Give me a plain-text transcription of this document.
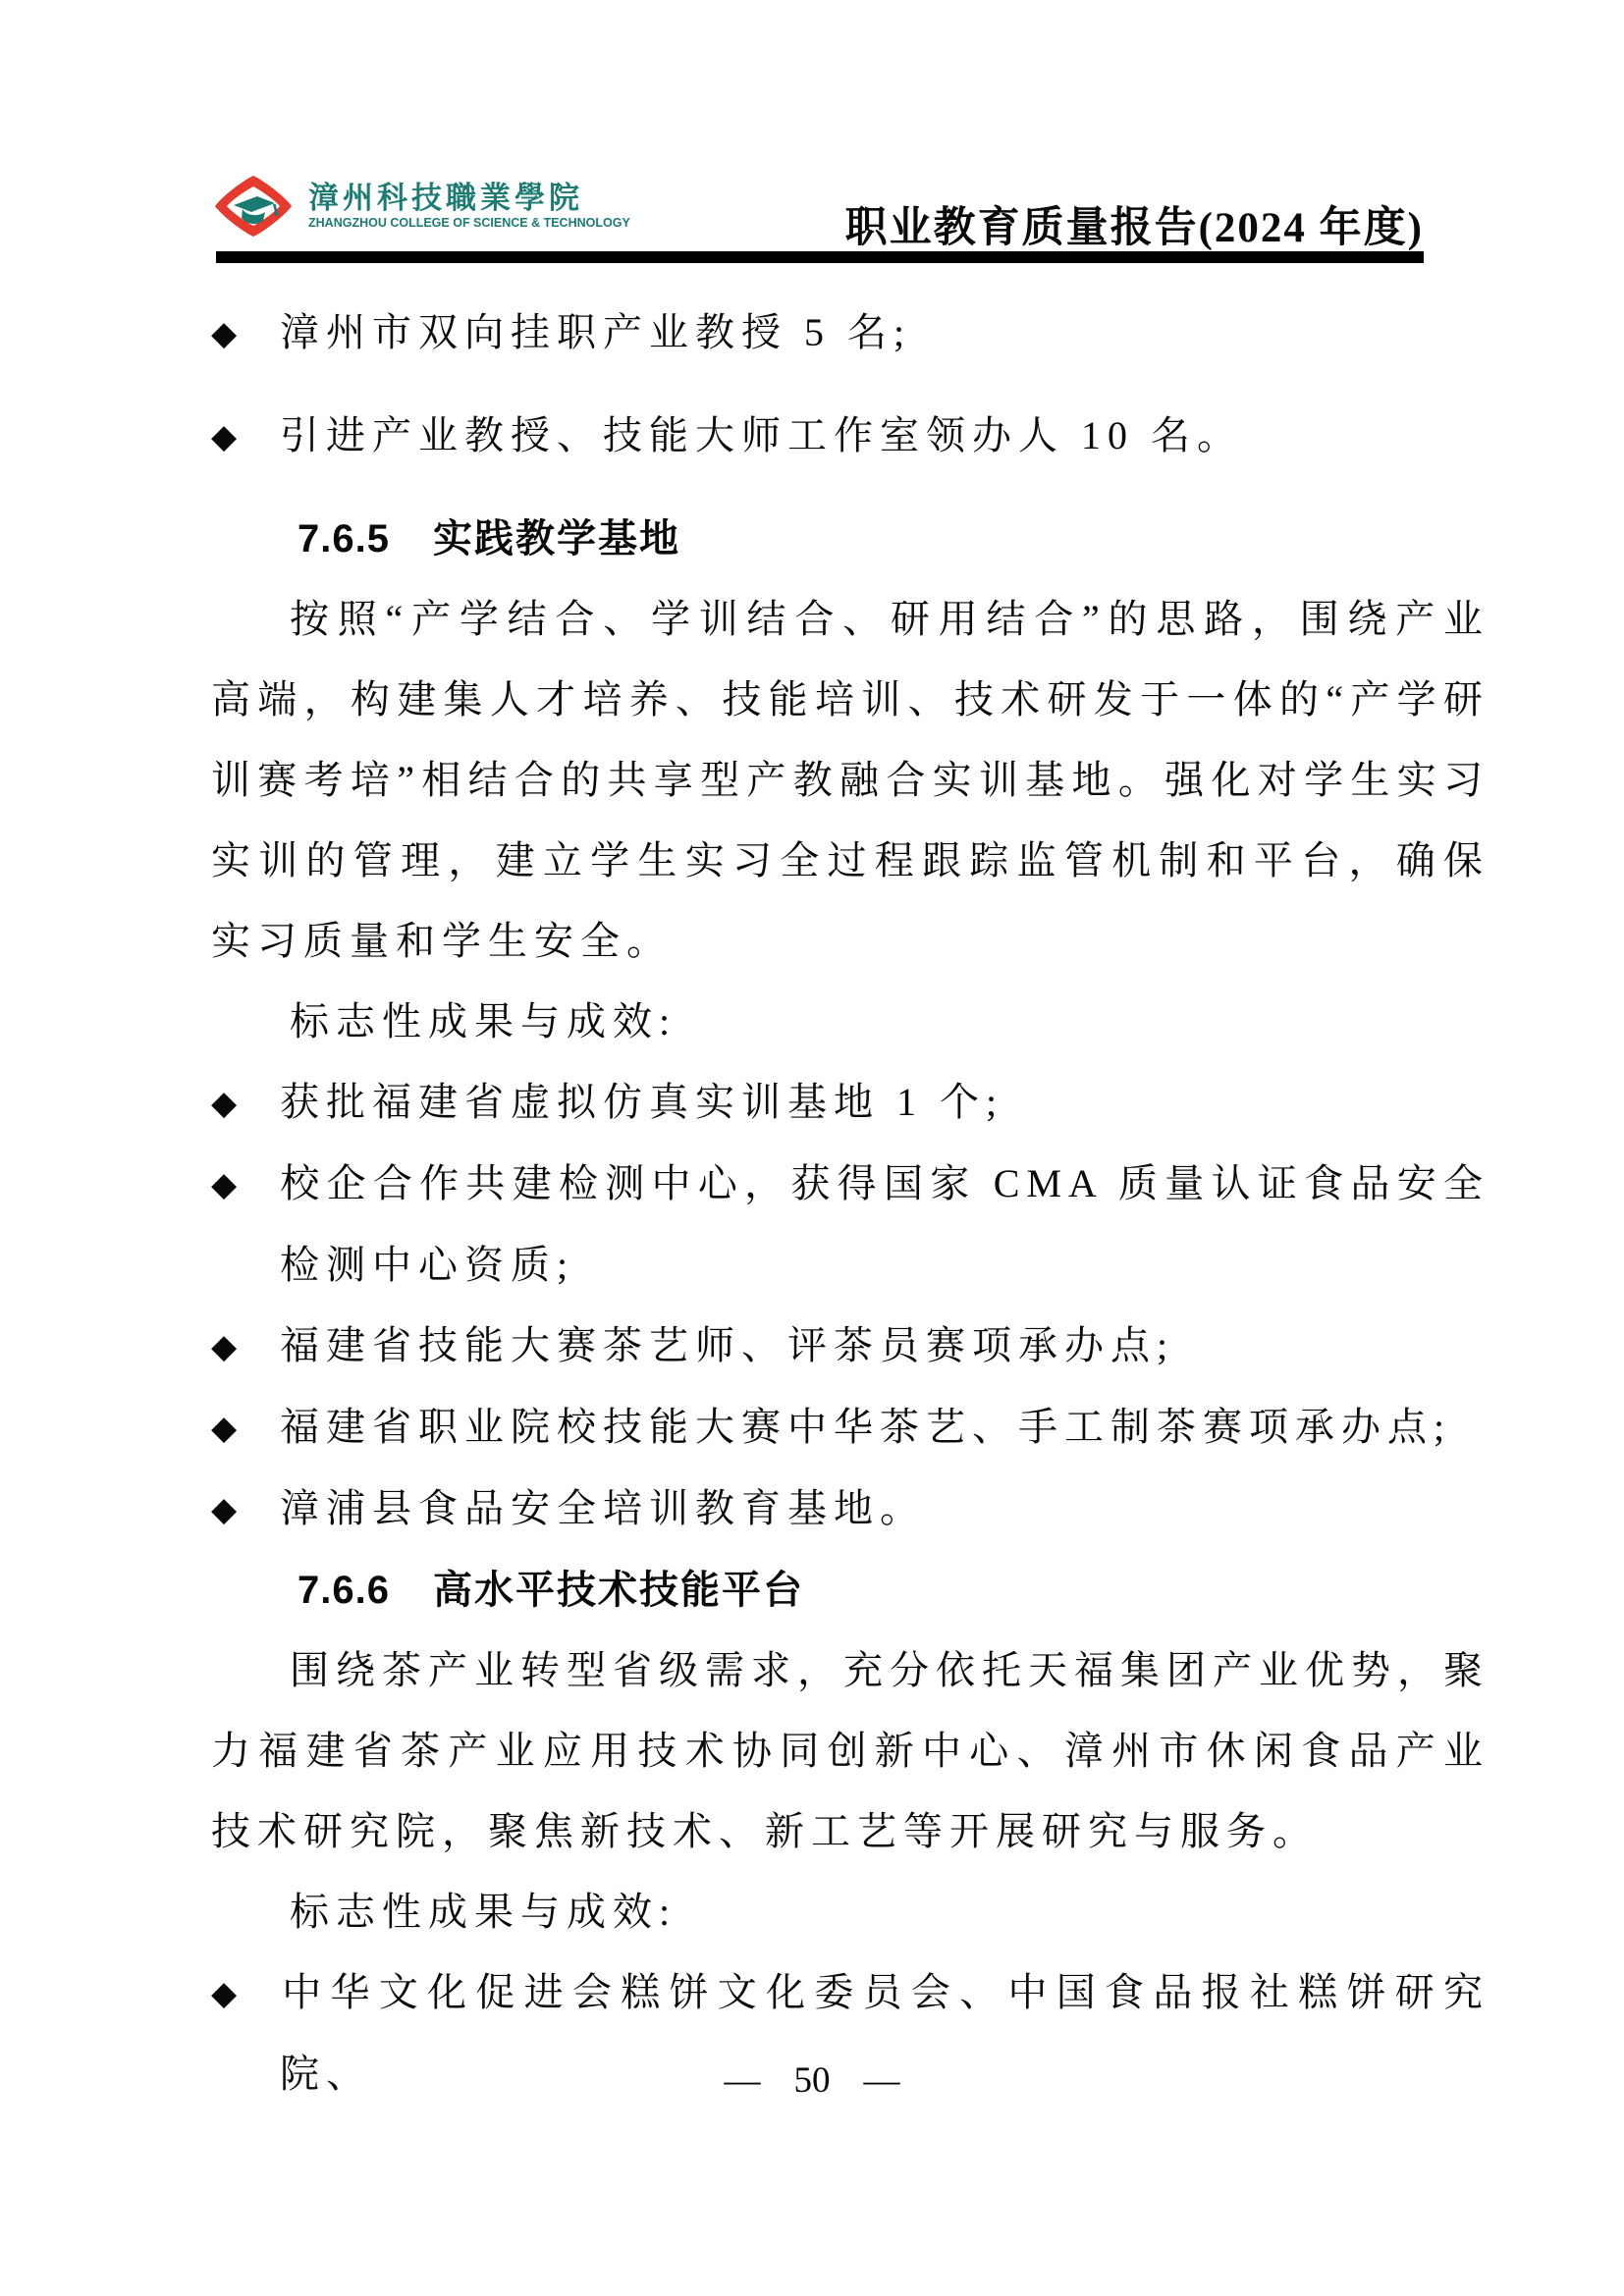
漳州科技職業學院
ZHANGZHOU COLLEGE OF SCIENCE & TECHNOLOGY	职业教育质量报告(2024 年度)
◆ 漳州市双向挂职产业教授 5 名;
◆ 引进产业教授、技能大师工作室领办人 10 名。
7.6.5 实践教学基地
按照“产学结合、学训结合、研用结合”的思路，围绕产业高端，构建集人才培养、技能培训、技术研发于一体的“产学研训赛考培”相结合的共享型产教融合实训基地。强化对学生实习实训的管理，建立学生实习全过程跟踪监管机制和平台，确保实习质量和学生安全。
标志性成果与成效:
◆ 获批福建省虚拟仿真实训基地 1 个;
◆ 校企合作共建检测中心，获得国家 CMA 质量认证食品安全检测中心资质;
◆ 福建省技能大赛茶艺师、评茶员赛项承办点;
◆ 福建省职业院校技能大赛中华茶艺、手工制茶赛项承办点;
◆ 漳浦县食品安全培训教育基地。
7.6.6 高水平技术技能平台
围绕茶产业转型省级需求，充分依托天福集团产业优势，聚力福建省茶产业应用技术协同创新中心、漳州市休闲食品产业技术研究院，聚焦新技术、新工艺等开展研究与服务。
标志性成果与成效:
◆ 中华文化促进会糕饼文化委员会、中国食品报社糕饼研究院、	— 50 —
